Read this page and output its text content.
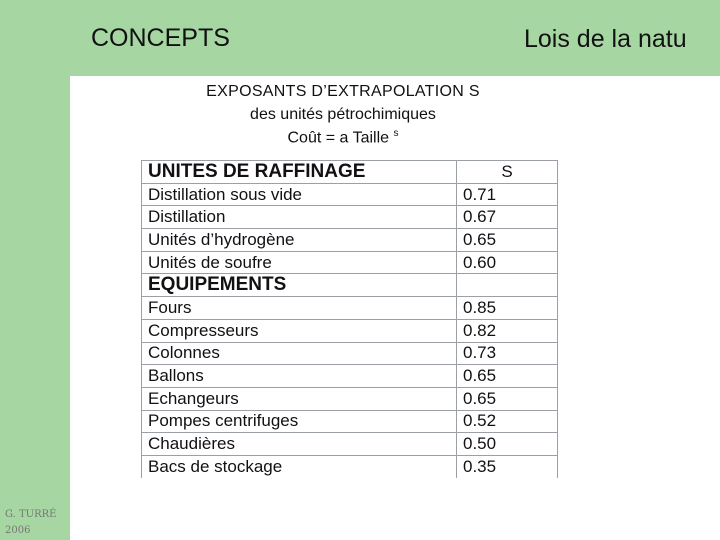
CONCEPTS	Lois de la natu
EXPOSANTS D’EXTRAPOLATION S
des unités pétrochimiques
Coût = a Taille $^s$
UNITES DE RAFFINAGE	S
Distillation sous vide	0.71
Distillation	0.67
Unités d’hydrogène	0.65
Unités de soufre	0.60
EQUIPEMENTS	
Fours	0.85
Compresseurs	0.82
Colonnes	0.73
Ballons	0.65
Echangeurs	0.65
Pompes centrifuges	0.52
Chaudières	0.50
Bacs de stockage	0.35
G. TURRÉ
2006
